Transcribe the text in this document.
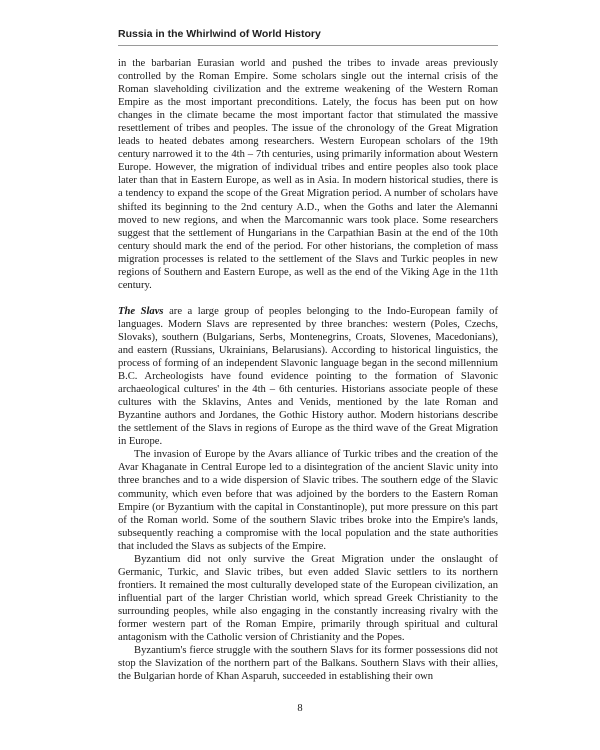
Russia in the Whirlwind of World History

in the barbarian Eurasian world and pushed the tribes to invade areas previously controlled by the Roman Empire. Some scholars single out the internal crisis of the Roman slaveholding civilization and the extreme weakening of the Western Roman Empire as the most important preconditions. Lately, the focus has been put on how changes in the climate became the most important factor that stimulated the massive resettlement of tribes and peoples. The issue of the chronology of the Great Migration leads to heated debates among researchers. Western European scholars of the 19th century narrowed it to the 4th – 7th centuries, using primarily information about Western Europe. However, the migration of individual tribes and entire peoples also took place later than that in Eastern Europe, as well as in Asia. In modern historical studies, there is a tendency to expand the scope of the Great Migration period. A number of scholars have shifted its beginning to the 2nd century A.D., when the Goths and later the Alemanni moved to new regions, and when the Marcomannic wars took place. Some researchers suggest that the settlement of Hungarians in the Carpathian Basin at the end of the 10th century should mark the end of the period. For other historians, the completion of mass migration processes is related to the settlement of the Slavs and Turkic peoples in new regions of Southern and Eastern Europe, as well as the end of the Viking Age in the 11th century.

The Slavs are a large group of peoples belonging to the Indo-European family of languages. Modern Slavs are represented by three branches: western (Poles, Czechs, Slovaks), southern (Bulgarians, Serbs, Montenegrins, Croats, Slovenes, Macedonians), and eastern (Russians, Ukrainians, Belarusians). According to historical linguistics, the process of forming of an independent Slavonic language began in the second millennium B.C. Archeologists have found evidence pointing to the formation of Slavonic archaeological cultures' in the 4th – 6th centuries. Historians associate people of these cultures with the Sklavins, Antes and Venids, mentioned by the late Roman and Byzantine authors and Jordanes, the Gothic History author. Modern historians describe the settlement of the Slavs in regions of Europe as the third wave of the Great Migration in Europe.

The invasion of Europe by the Avars alliance of Turkic tribes and the creation of the Avar Khaganate in Central Europe led to a disintegration of the ancient Slavic unity into three branches and to a wide dispersion of Slavic tribes. The southern edge of the Slavic community, which even before that was adjoined by the borders to the Eastern Roman Empire (or Byzantium with the capital in Constantinople), put more pressure on this part of the Roman world. Some of the southern Slavic tribes broke into the Empire's lands, subsequently reaching a compromise with the local population and the state authorities that included the Slavs as subjects of the Empire.

Byzantium did not only survive the Great Migration under the onslaught of Germanic, Turkic, and Slavic tribes, but even added Slavic settlers to its northern frontiers. It remained the most culturally developed state of the European civilization, an influential part of the larger Christian world, which spread Greek Christianity to the surrounding peoples, while also engaging in the constantly increasing rivalry with the former western part of the Roman Empire, primarily through spiritual and cultural antagonism with the Catholic version of Christianity and the Popes.

Byzantium's fierce struggle with the southern Slavs for its former possessions did not stop the Slavization of the northern part of the Balkans. Southern Slavs with their allies, the Bulgarian horde of Khan Asparuh, succeeded in establishing their own

8
